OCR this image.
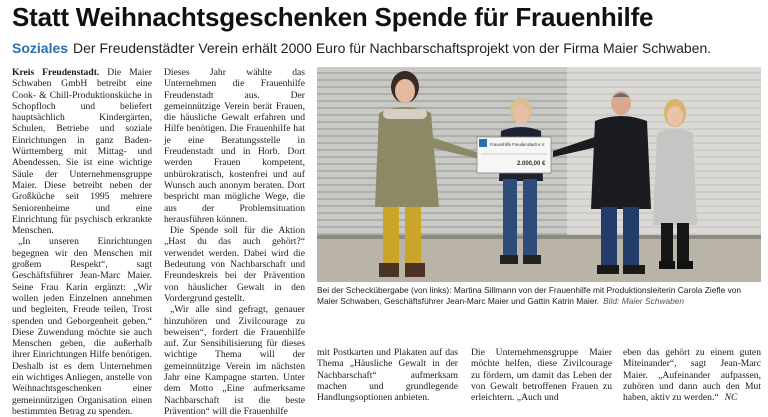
Statt Weihnachtsgeschenken Spende für Frauenhilfe
Soziales Der Freudenstädter Verein erhält 2000 Euro für Nachbarschaftsprojekt von der Firma Maier Schwaben.

Kreis Freudenstadt. Die Maier Schwaben GmbH betreibt eine Cook- & Chill-Produktionsküche in Schopfloch und beliefert hauptsächlich Kindergärten, Schulen, Betriebe und soziale Einrichtungen in ganz Baden-Württemberg mit Mittag- und Abendessen. Sie ist eine wichtige Säule der Unternehmensgruppe Maier. Diese betreibt neben der Großküche seit 1995 mehrere Seniorenheime und eine Einrichtung für psychisch erkrankte Menschen.

„In unseren Einrichtungen begegnen wir den Menschen mit großem Respekt“, sagt Geschäftsführer Jean-Marc Maier. Seine Frau Karin ergänzt: „Wir wollen jeden Einzelnen annehmen und begleiten, Freude teilen, Trost spenden und Geborgenheit geben.“ Diese Zuwendung möchte sie auch Menschen geben, die außerhalb ihrer Einrichtungen Hilfe benötigen. Deshalb ist es dem Unternehmen ein wichtiges Anliegen, anstelle von Weihnachtsgeschenken einer gemeinnützigen Organisation einen bestimmten Betrag zu spenden.

Dieses Jahr wählte das Unternehmen die Frauenhilfe Freudenstadt aus. Der gemeinnützige Verein berät Frauen, die häusliche Gewalt erfahren und Hilfe benötigen. Die Frauenhilfe hat je eine Beratungsstelle in Freudenstadt und in Horb. Dort werden Frauen kompetent, unbürokratisch, kostenfrei und auf Wunsch auch anonym beraten. Dort bespricht man mögliche Wege, die aus der Problemsituation herausführen können.

Die Spende soll für die Aktion „Hast du das auch gehört?“ verwendet werden. Dabei wird die Bedeutung von Nachbarschaft und Freundeskreis bei der Prävention von häuslicher Gewalt in den Vordergrund gestellt.

„Wir alle sind gefragt, genauer hinzuhören und Zivilcourage zu beweisen“, fordert die Frauenhilfe auf. Zur Sensibilisierung für dieses wichtige Thema will der gemeinnützige Verein im nächsten Jahr eine Kampagne starten. Unter dem Motto „Eine aufmerksame Nachbarschaft ist die beste Prävention“ will die Frauenhilfe

Frauenhilfe Freudenstadt e.V.
2.000,00 €
Bei der Scheckübergabe (von links): Martina Sillmann von der Frauenhilfe mit Produktionsleiterin Carola Ziefle von Maier Schwaben, Geschäftsführer Jean-Marc Maier und Gattin Katrin Maier. Bild: Maier Schwaben

mit Postkarten und Plakaten auf das Thema „Häusliche Gewalt in der Nachbarschaft“ aufmerksam machen und grundlegende Handlungsoptionen anbieten.

Die Unternehmensgruppe Maier möchte helfen, diese Zivilcourage zu fördern, um damit das Leben der von Gewalt betroffenen Frauen zu erleichtern. „Auch und

eben das gehört zu einem guten Miteinander“, sagt Jean-Marc Maier. „Aufeinander aufpassen, zuhören und dann auch den Mut haben, aktiv zu werden.“ NC
